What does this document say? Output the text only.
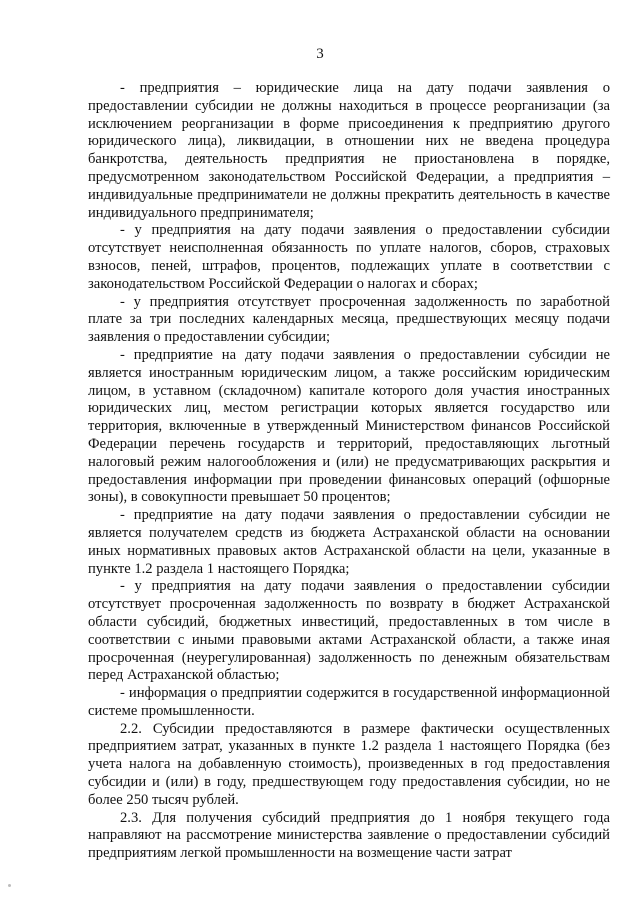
3

- предприятия – юридические лица на дату подачи заявления о предоставлении субсидии не должны находиться в процессе реорганизации (за исключением реорганизации в форме присоединения к предприятию другого юридического лица), ликвидации, в отношении них не введена процедура банкротства, деятельность предприятия не приостановлена в порядке, предусмотренном законодательством Российской Федерации, а предприятия – индивидуальные предприниматели не должны прекратить деятельность в качестве индивидуального предпринимателя;

- у предприятия на дату подачи заявления о предоставлении субсидии отсутствует неисполненная обязанность по уплате налогов, сборов, страховых взносов, пеней, штрафов, процентов, подлежащих уплате в соответствии с законодательством Российской Федерации о налогах и сборах;

- у предприятия отсутствует просроченная задолженность по заработной плате за три последних календарных месяца, предшествующих месяцу подачи заявления о предоставлении субсидии;

- предприятие на дату подачи заявления о предоставлении субсидии не является иностранным юридическим лицом, а также российским юридическим лицом, в уставном (складочном) капитале которого доля участия иностранных юридических лиц, местом регистрации которых является государство или территория, включенные в утвержденный Министерством финансов Российской Федерации перечень государств и территорий, предоставляющих льготный налоговый режим налогообложения и (или) не предусматривающих раскрытия и предоставления информации при проведении финансовых операций (офшорные зоны), в совокупности превышает 50 процентов;

- предприятие на дату подачи заявления о предоставлении субсидии не является получателем средств из бюджета Астраханской области на основании иных нормативных правовых актов Астраханской области на цели, указанные в пункте 1.2 раздела 1 настоящего Порядка;

- у предприятия на дату подачи заявления о предоставлении субсидии отсутствует просроченная задолженность по возврату в бюджет Астраханской области субсидий, бюджетных инвестиций, предоставленных в том числе в соответствии с иными правовыми актами Астраханской области, а также иная просроченная (неурегулированная) задолженность по денежным обязательствам перед Астраханской областью;

- информация о предприятии содержится в государственной информационной системе промышленности.

2.2. Субсидии предоставляются в размере фактически осуществленных предприятием затрат, указанных в пункте 1.2 раздела 1 настоящего Порядка (без учета налога на добавленную стоимость), произведенных в год предоставления субсидии и (или) в году, предшествующем году предоставления субсидии, но не более 250 тысяч рублей.

2.3. Для получения субсидий предприятия до 1 ноября текущего года направляют на рассмотрение министерства заявление о предоставлении субсидий предприятиям легкой промышленности на возмещение части затрат
